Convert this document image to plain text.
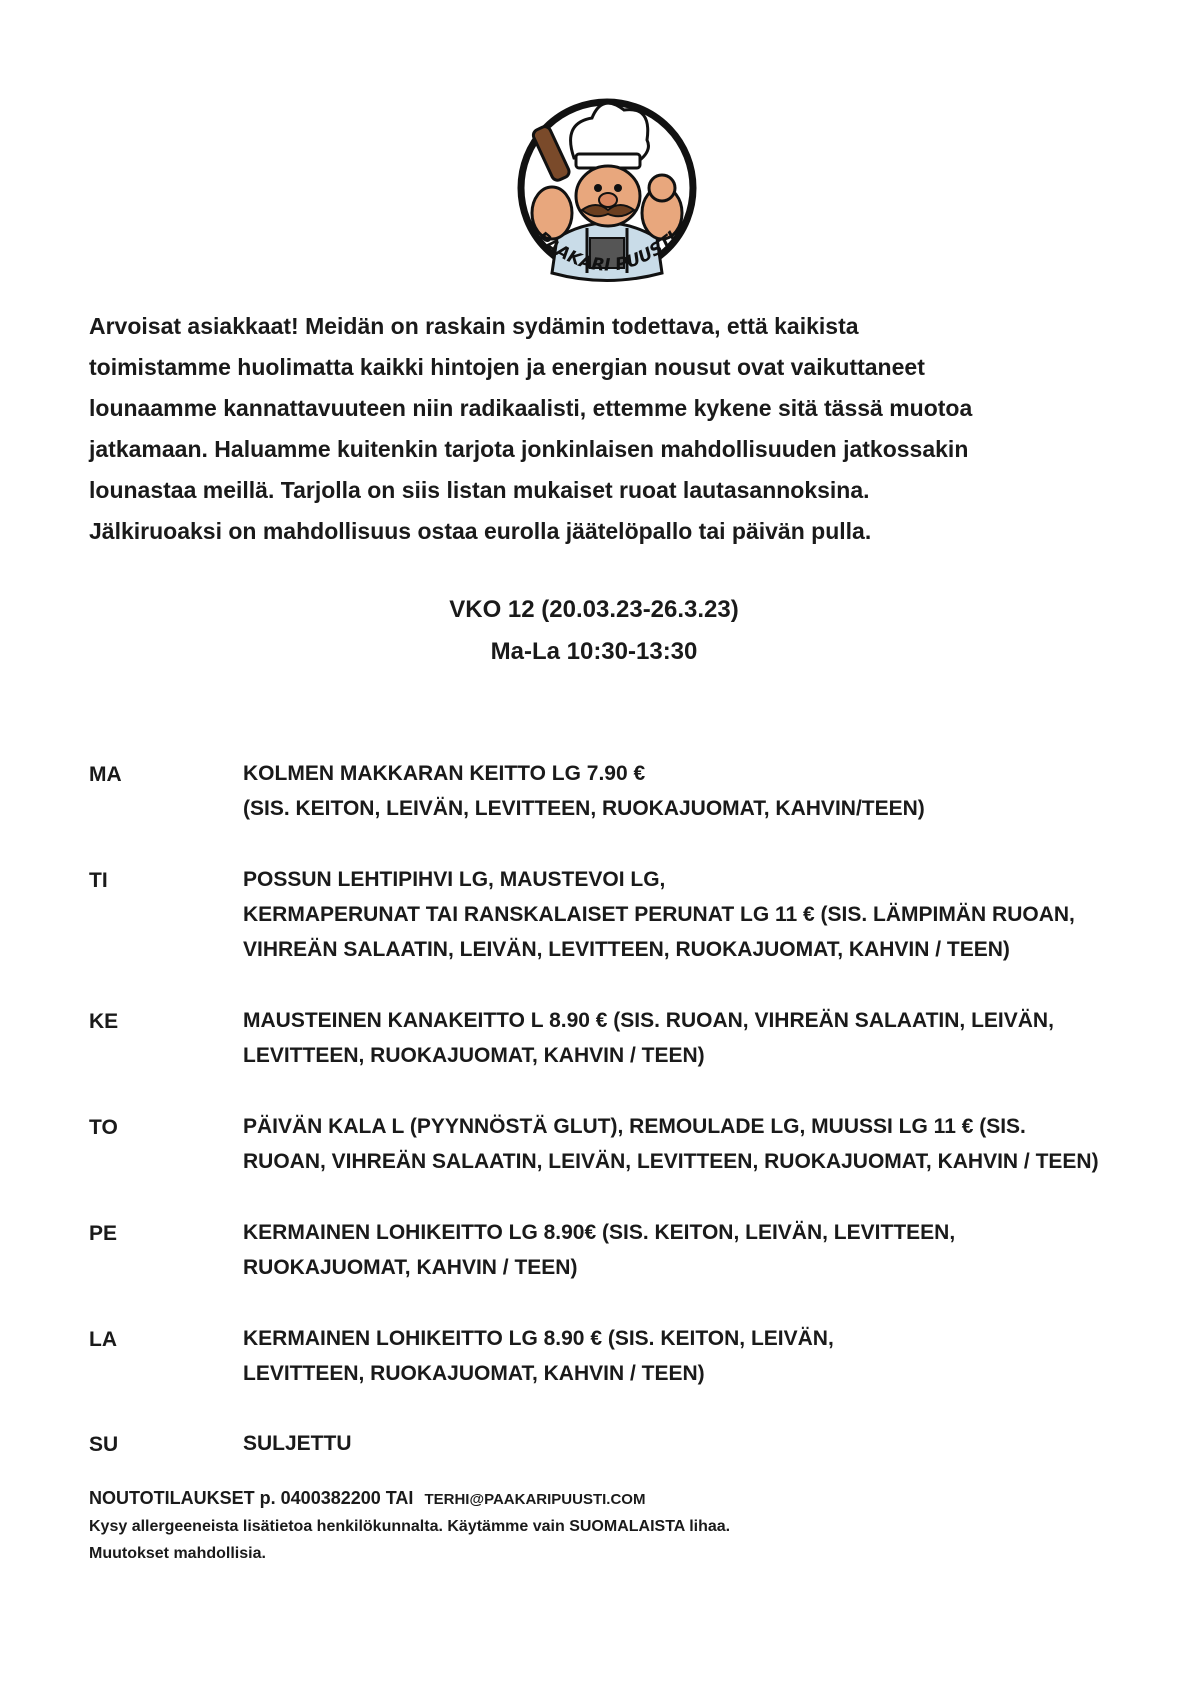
PAAKARI PUUSTI

Arvoisat asiakkaat! Meidän on raskain sydämin todettava, että kaikista
toimistamme huolimatta kaikki hintojen ja energian nousut ovat vaikuttaneet
lounaamme kannattavuuteen niin radikaalisti, ettemme kykene sitä tässä muotoa
jatkamaan. Haluamme kuitenkin tarjota jonkinlaisen mahdollisuuden jatkossakin
lounastaa meillä. Tarjolla on siis listan mukaiset ruoat lautasannoksina.
Jälkiruoaksi on mahdollisuus ostaa eurolla jäätelöpallo tai päivän pulla.

VKO 12 (20.03.23-26.3.23)
Ma-La 10:30-13:30
MA	KOLMEN MAKKARAN KEITTO LG 7.90 €
(SIS. KEITON, LEIVÄN, LEVITTEEN, RUOKAJUOMAT, KAHVIN/TEEN)
TI	POSSUN LEHTIPIHVI LG, MAUSTEVOI LG,
KERMAPERUNAT TAI RANSKALAISET PERUNAT LG 11 € (SIS. LÄMPIMÄN RUOAN,
VIHREÄN SALAATIN, LEIVÄN, LEVITTEEN, RUOKAJUOMAT, KAHVIN / TEEN)
KE	MAUSTEINEN KANAKEITTO L 8.90 € (SIS. RUOAN, VIHREÄN SALAATIN, LEIVÄN,
LEVITTEEN, RUOKAJUOMAT, KAHVIN / TEEN)
TO	PÄIVÄN KALA L (PYYNNÖSTÄ GLUT), REMOULADE LG, MUUSSI LG 11 € (SIS.
RUOAN, VIHREÄN SALAATIN, LEIVÄN, LEVITTEEN, RUOKAJUOMAT, KAHVIN / TEEN)
PE	KERMAINEN LOHIKEITTO LG 8.90€ (SIS. KEITON, LEIVÄN, LEVITTEEN,
RUOKAJUOMAT, KAHVIN / TEEN)
LA	KERMAINEN LOHIKEITTO LG 8.90 € (SIS. KEITON, LEIVÄN,
LEVITTEEN, RUOKAJUOMAT, KAHVIN / TEEN)
SU	SULJETTU
NOUTOTILAUKSET p. 0400382200 TAI TERHI@PAAKARIPUUSTI.COM
Kysy allergeeneista lisätietoa henkilökunnalta. Käytämme vain SUOMALAISTA lihaa.
Muutokset mahdollisia.
